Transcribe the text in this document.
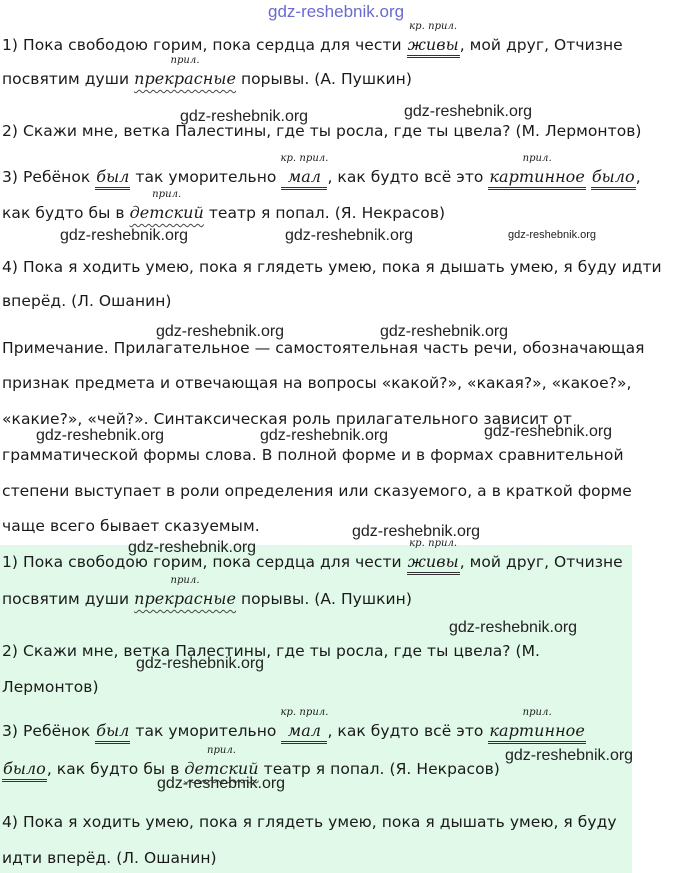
1) Пока свободою горим, пока сердца для чести
кр. прил.
живы, мой друг, Отчизне
посвятим души
прил.
прекрасные порывы. (А. Пушкин)
2) Скажи мне, ветка Палестины, где ты росла, где ты цвела? (М. Лермонтов)
3) Ребёнок был так уморительно
кр. прил.
мал , как будто всё это
прил.
картинное было,
как будто бы в
прил.
детский театр я попал. (Я. Некрасов)
4) Пока я ходить умею, пока я глядеть умею, пока я дышать умею, я буду идти
вперёд. (Л. Ошанин)
Примечание. Прилагательное — самостоятельная часть речи, обозначающая
признак предмета и отвечающая на вопросы «какой?», «какая?», «какое?»,
«какие?», «чей?». Синтаксическая роль прилагательного зависит от
грамматической формы слова. В полной форме и в формах сравнительной
степени выступает в роли определения или сказуемого, а в краткой форме
чаще всего бывает сказуемым.
1) Пока свободою горим, пока сердца для чести
кр. прил.
живы, мой друг, Отчизне
посвятим души
прил.
прекрасные порывы. (А. Пушкин)
2) Скажи мне, ветка Палестины, где ты росла, где ты цвела? (М.
Лермонтов)
3) Ребёнок был так уморительно
кр. прил.
мал , как будто всё это
прил.
картинное
было, как будто бы в
прил.
детский театр я попал. (Я. Некрасов)
4) Пока я ходить умею, пока я глядеть умею, пока я дышать умею, я буду
идти вперёд. (Л. Ошанин)
gdz-reshebnik.org
gdz-reshebnik.org	gdz-reshebnik.org
gdz-reshebnik.org	gdz-reshebnik.org	gdz-reshebnik.org
gdz-reshebnik.org	gdz-reshebnik.org
gdz-reshebnik.org	gdz-reshebnik.org	gdz-reshebnik.org
gdz-reshebnik.org
gdz-reshebnik.org
gdz-reshebnik.org
gdz-reshebnik.org
gdz-reshebnik.org
gdz-reshebnik.org
